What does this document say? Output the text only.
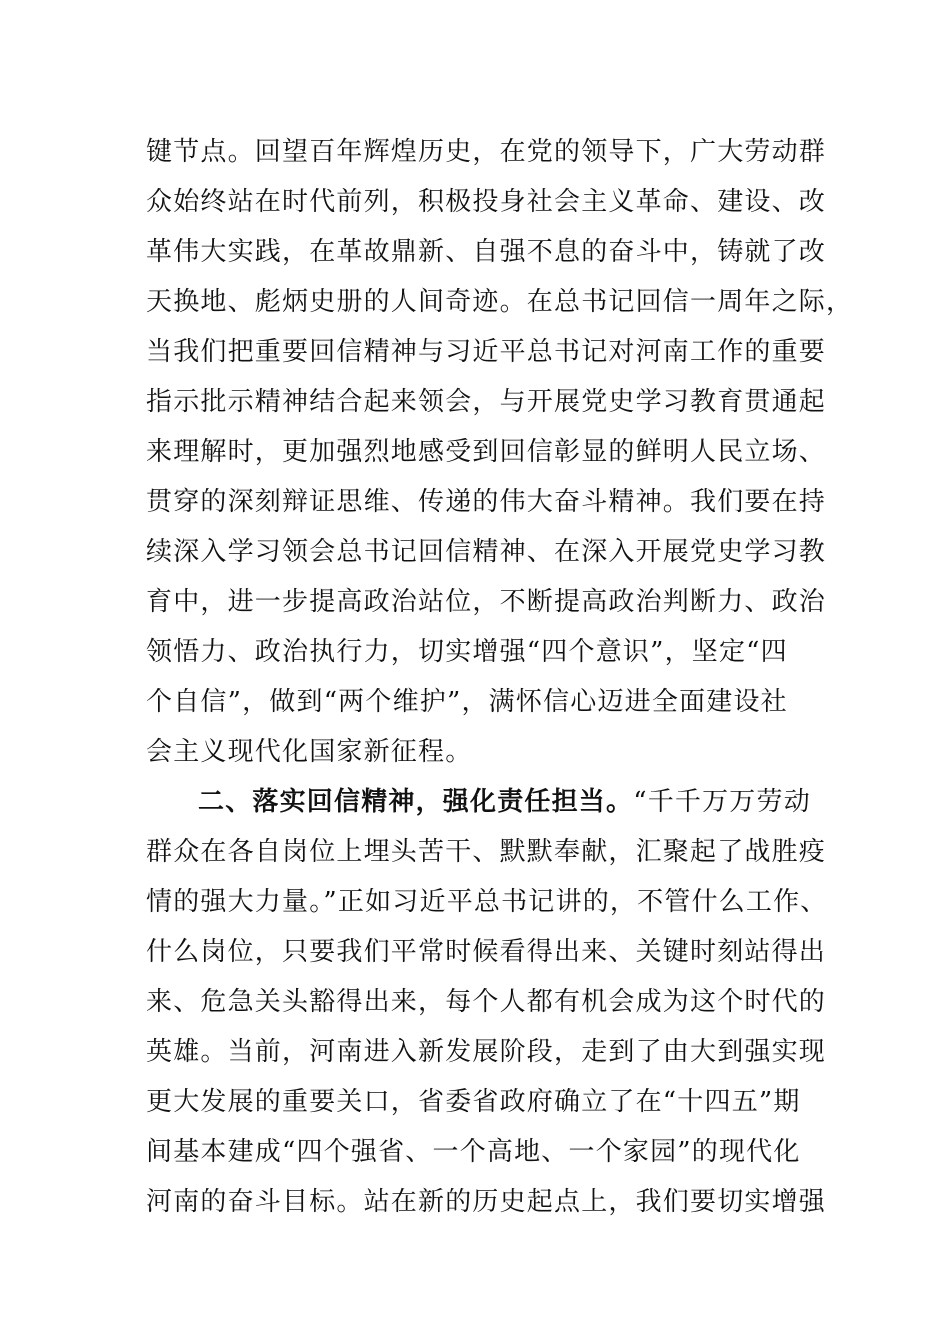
键节点。回望百年辉煌历史，在党的领导下，广大劳动群
众始终站在时代前列，积极投身社会主义革命、建设、改
革伟大实践，在革故鼎新、自强不息的奋斗中，铸就了改
天换地、彪炳史册的人间奇迹。在总书记回信一周年之际，
当我们把重要回信精神与习近平总书记对河南工作的重要
指示批示精神结合起来领会，与开展党史学习教育贯通起
来理解时，更加强烈地感受到回信彰显的鲜明人民立场、
贯穿的深刻辩证思维、传递的伟大奋斗精神。我们要在持
续深入学习领会总书记回信精神、在深入开展党史学习教
育中，进一步提高政治站位，不断提高政治判断力、政治
领悟力、政治执行力，切实增强“四个意识”，坚定“四
个自信”，做到“两个维护”，满怀信心迈进全面建设社
会主义现代化国家新征程。
二、落实回信精神，强化责任担当。“千千万万劳动
群众在各自岗位上埋头苦干、默默奉献，汇聚起了战胜疫
情的强大力量。”正如习近平总书记讲的，不管什么工作、
什么岗位，只要我们平常时候看得出来、关键时刻站得出
来、危急关头豁得出来，每个人都有机会成为这个时代的
英雄。当前，河南进入新发展阶段，走到了由大到强实现
更大发展的重要关口，省委省政府确立了在“十四五”期
间基本建成“四个强省、一个高地、一个家园”的现代化
河南的奋斗目标。站在新的历史起点上，我们要切实增强
